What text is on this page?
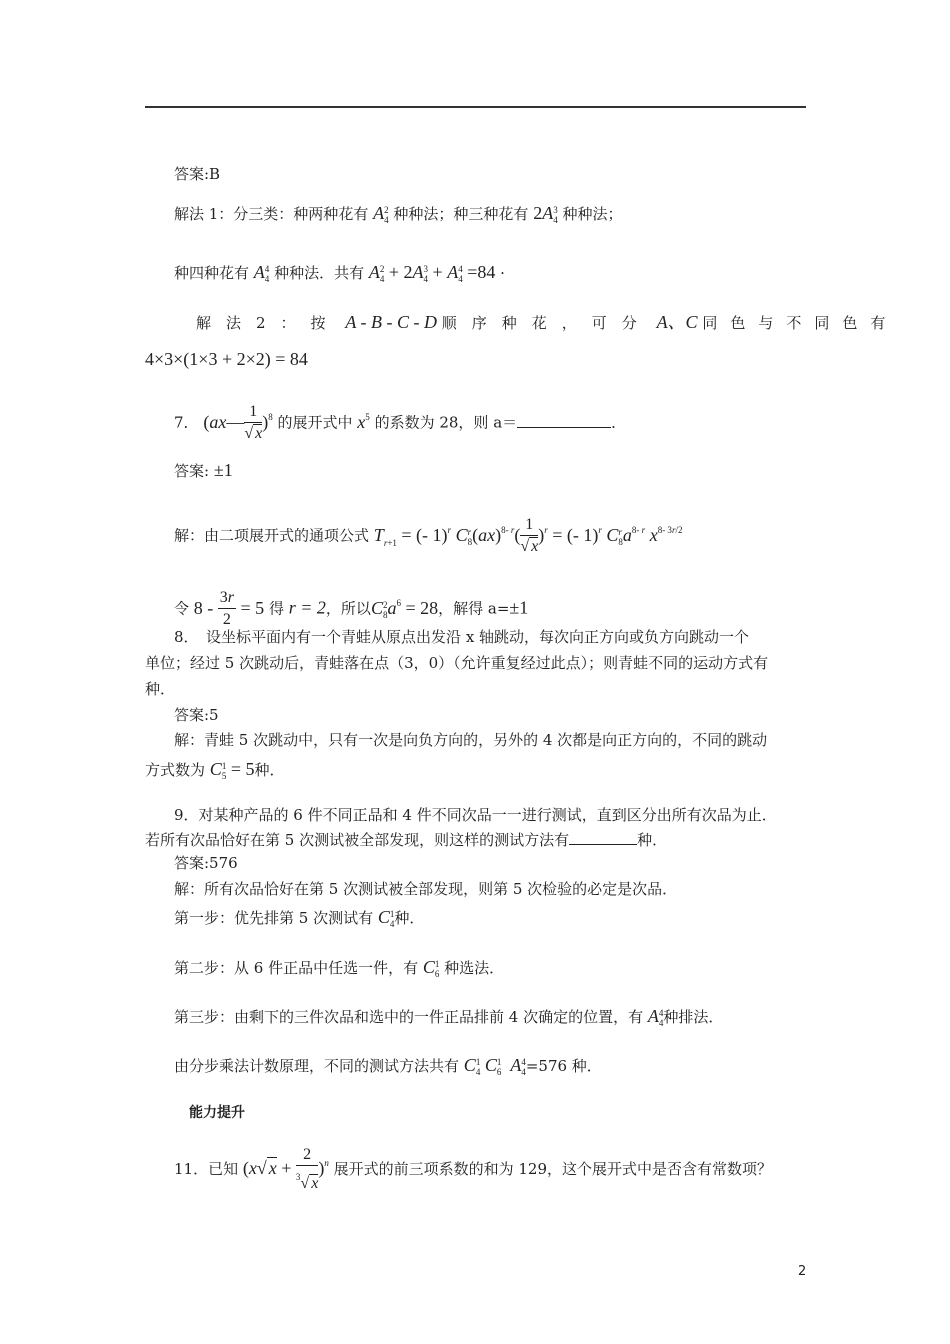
答案:B
解法 1：分三类：种两种花有 A 2
4 种种法；种三种花有 2A 3
4 种种法；
种四种花有 A 4
4 种种法．共有 A 2
4 + 2A 3
4 + A 4
4 =84 ·
解法2：按 A - B - C - D 顺序种花，可分 A、C 同色与不同色有
4×3×(1×3 + 2×2) = 84
7． (ax— $\frac{1}{√ x} )^8$ 的展开式中 $x^5$ 的系数为 28，则 a＝	．
答案: ±1
解：由二项展开式的通项公式 $T_{r+1}$ = (- 1)$^r$ C r
8 $(ax)^{8- r}( \frac{1}{√ x} )^r$ = (- 1)$^r$ C r
8 $a^{8- r}$ $x^{8- 3r/2}$
令 $8 - \frac{3r}{2} = 5$ 得 r = 2，所以C 2
8 $a^6 = 28$，解得 a=±1
8．　设坐标平面内有一个青蛙从原点出发沿 x 轴跳动，每次向正方向或负方向跳动一个
单位；经过 5 次跳动后，青蛙落在点（3，0）（允许重复经过此点）；则青蛙不同的运动方式有
种．
答案:5
解：青蛙 5 次跳动中，只有一次是向负方向的，另外的 4 次都是向正方向的，不同的跳动
方式数为 C 1
5 = 5种．
9．对某种产品的 6 件不同正品和 4 件不同次品一一进行测试，直到区分出所有次品为止．
若所有次品恰好在第 5 次测试被全部发现，则这样的测试方法有	种．
答案:576
解：所有次品恰好在第 5 次测试被全部发现，则第 5 次检验的必定是次品．
第一步：优先排第 5 次测试有 C 1
4 种．
第二步：从 6 件正品中任选一件，有 C 1
6 种选法．
第三步：由剩下的三件次品和选中的一件正品排前 4 次确定的位置，有 A 4
4 种排法．
由分步乘法计数原理，不同的测试方法共有 C 1
4 C 1
6 A 4
4 =576 种．
能力提升
11．已知 (x√ $x + \frac{2}{^3√ x} )^n$ 展开式的前三项系数的和为 129，这个展开式中是否含有常数项？
2
